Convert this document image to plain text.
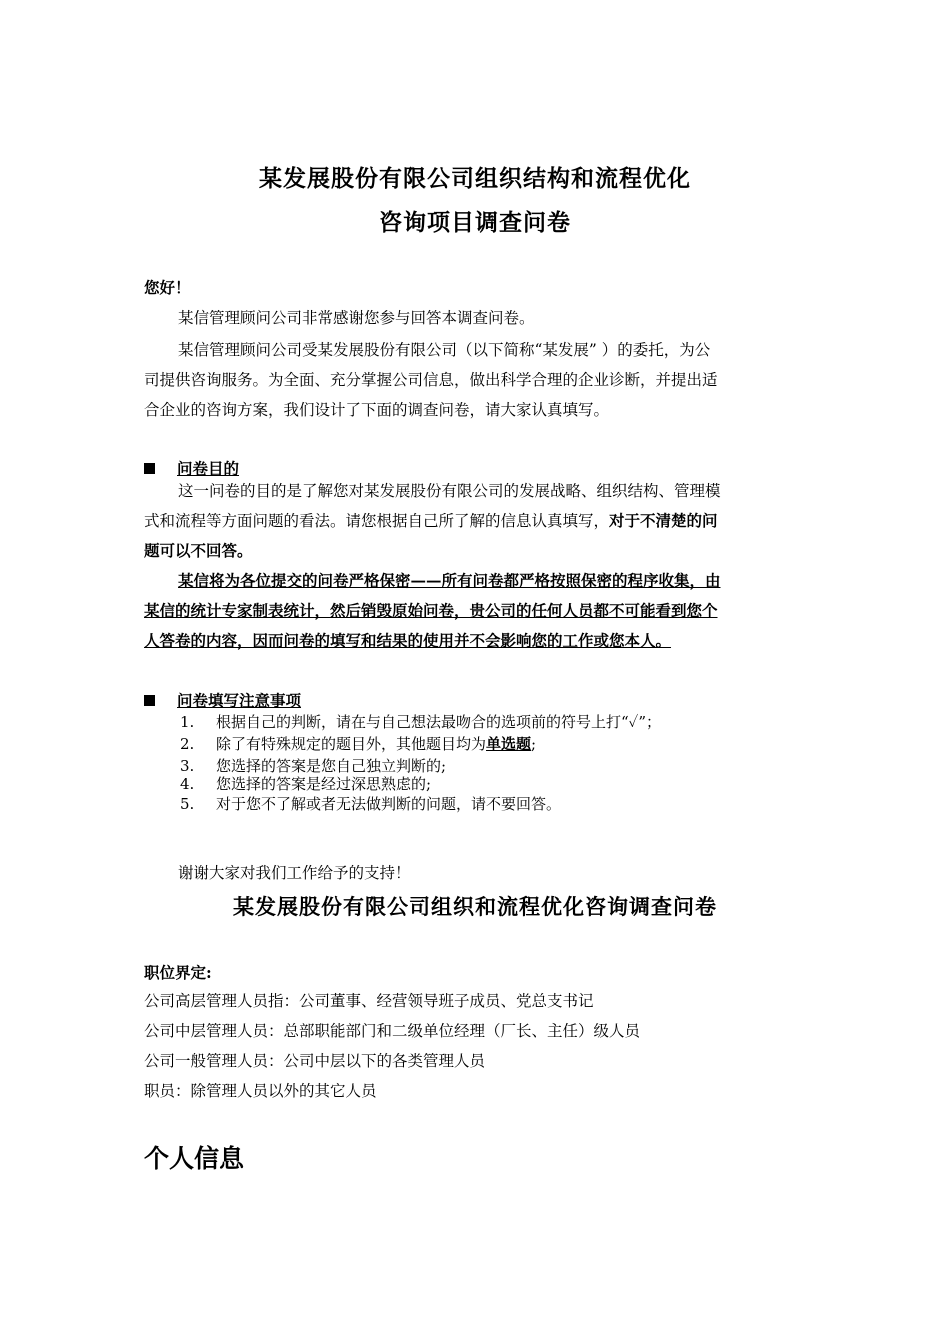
某发展股份有限公司组织结构和流程优化
咨询项目调查问卷
您好！
某信管理顾问公司非常感谢您参与回答本调查问卷。
某信管理顾问公司受某发展股份有限公司（以下简称“某发展” ）的委托，为公
司提供咨询服务。为全面、充分掌握公司信息，做出科学合理的企业诊断，并提出适
合企业的咨询方案，我们设计了下面的调查问卷，请大家认真填写。
问卷目的
这一问卷的目的是了解您对某发展股份有限公司的发展战略、组织结构、管理模
式和流程等方面问题的看法。请您根据自己所了解的信息认真填写，对于不清楚的问
题可以不回答。
某信将为各位提交的问卷严格保密——所有问卷都严格按照保密的程序收集，由
某信的统计专家制表统计，然后销毁原始问卷，贵公司的任何人员都不可能看到您个
人答卷的内容，因而问卷的填写和结果的使用并不会影响您的工作或您本人。
问卷填写注意事项
1. 根据自己的判断，请在与自己想法最吻合的选项前的符号上打“✓”；
2. 除了有特殊规定的题目外，其他题目均为单选题;
3. 您选择的答案是您自己独立判断的;
4. 您选择的答案是经过深思熟虑的;
5. 对于您不了解或者无法做判断的问题，请不要回答。
谢谢大家对我们工作给予的支持！
某发展股份有限公司组织和流程优化咨询调查问卷
职位界定:
公司高层管理人员指：公司董事、经营领导班子成员、党总支书记
公司中层管理人员：总部职能部门和二级单位经理（厂长、主任）级人员
公司一般管理人员：公司中层以下的各类管理人员
职员：除管理人员以外的其它人员
个人信息
